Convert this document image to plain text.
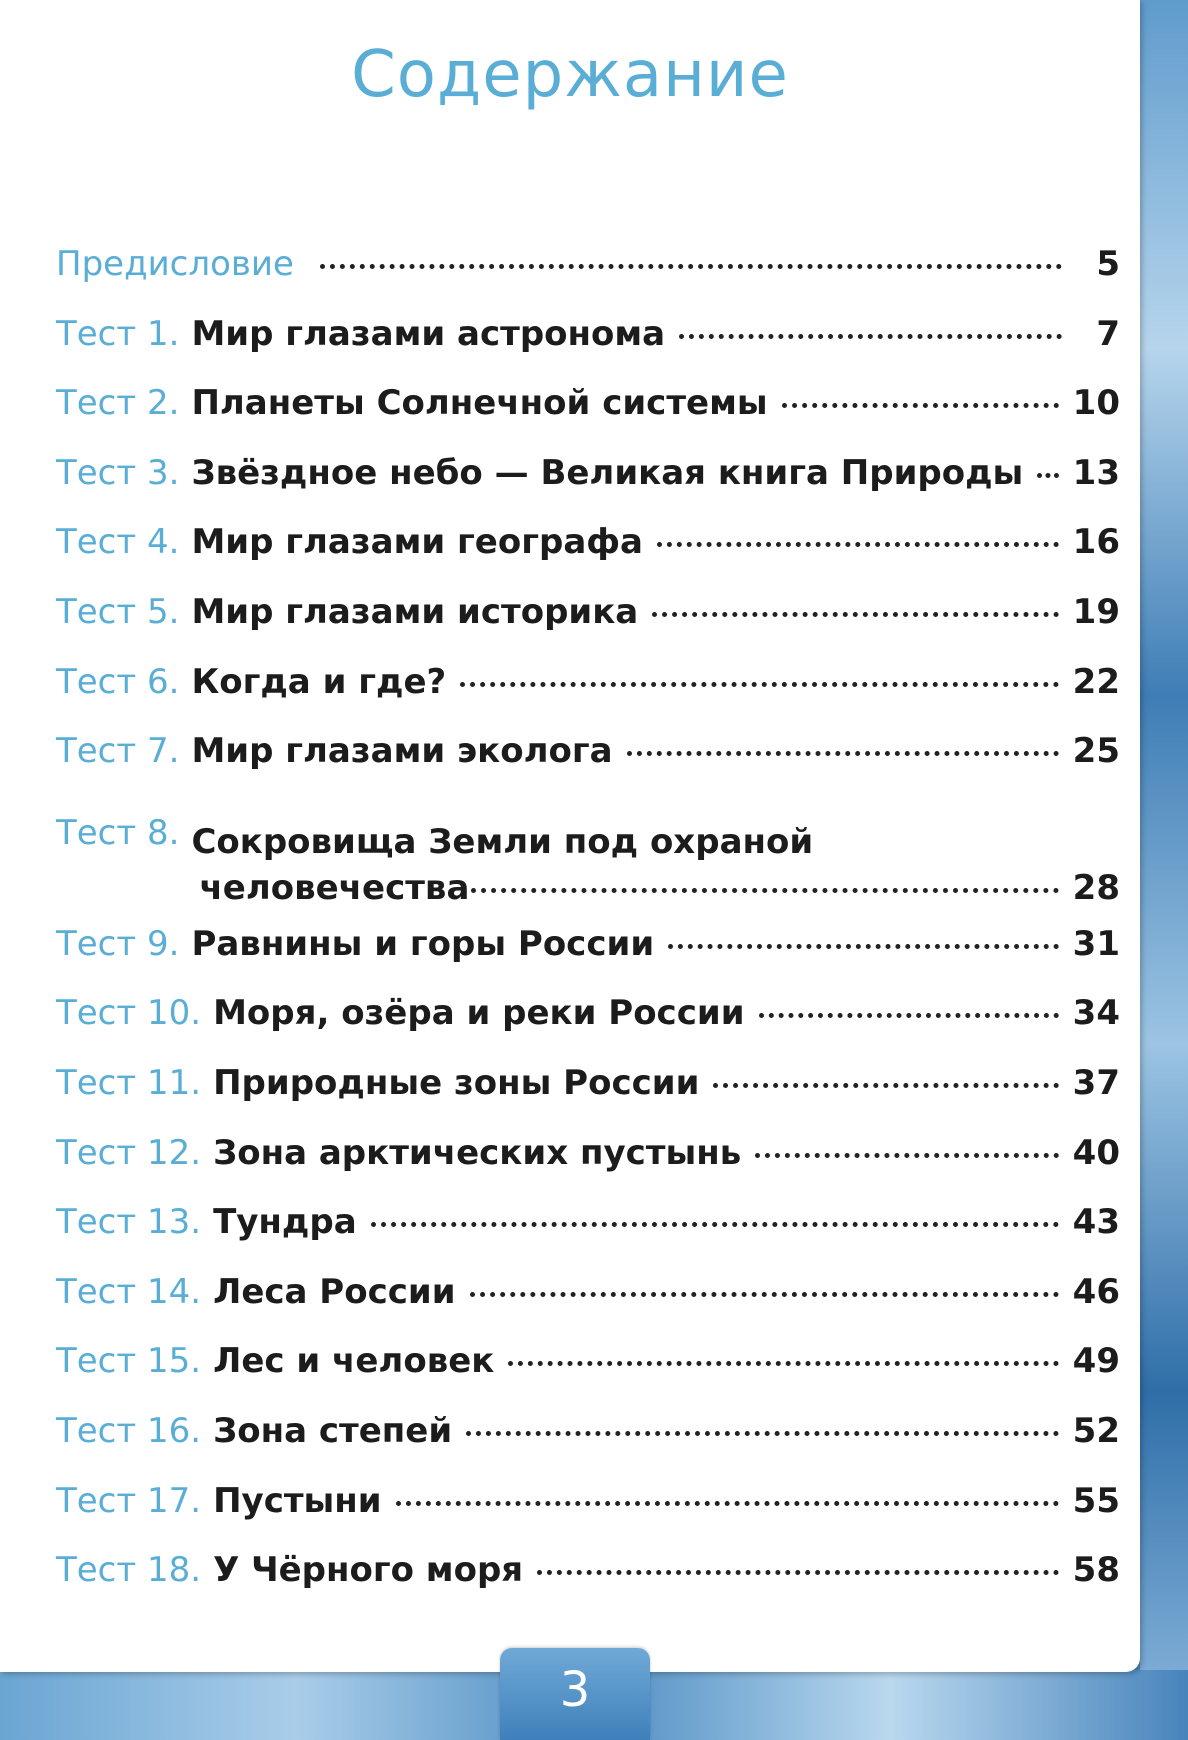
Содержание
Предисловие	5
Тест 1. Мир глазами астронома	7
Тест 2. Планеты Солнечной системы	10
Тест 3. Звёздное небо — Великая книга Природы 13
Тест 4. Мир глазами географа	16
Тест 5. Мир глазами историка	19
Тест 6. Когда и где?	22
Тест 7. Мир глазами эколога	25
Тест 8. Сокровища Земли под охраной
человечества	28
Тест 9. Равнины и горы России	31
Тест 10. Моря, озёра и реки России	34
Тест 11. Природные зоны России	37
Тест 12. Зона арктических пустынь	40
Тест 13. Тундра	43
Тест 14. Леса России	46
Тест 15. Лес и человек	49
Тест 16. Зона степей	52
Тест 17. Пустыни	55
Тест 18. У Чёрного моря	58
3
